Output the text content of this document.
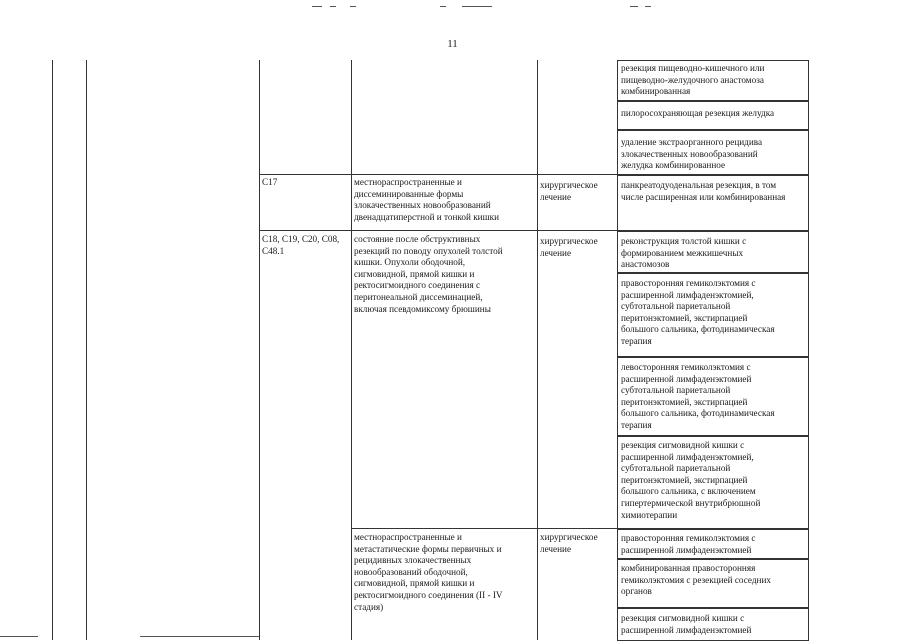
11
резекция пищеводно-кишечного или
пищеводно-желудочного анастомоза
комбинированная
пилоросохраняющая резекция желудка
удаление экстраорганного рецидива
злокачественных новообразований
желудка комбинированное
C17	местнораспространенные и
диссеминированные формы
злокачественных новообразований
двенадцатиперстной и тонкой кишки
хирургическое
лечение
панкреатодуоденальная резекция, в том
числе расширенная или комбинированная
C18, C19, C20, C08,
C48.1
состояние после обструктивных
резекций по поводу опухолей толстой
кишки. Опухоли ободочной,
сигмовидной, прямой кишки и
ректосигмоидного соединения с
перитонеальной диссеминацией,
включая псевдомиксому брюшины
хирургическое
лечение
реконструкция толстой кишки с
формированием межкишечных
анастомозов
правосторонняя гемиколэктомия с
расширенной лимфаденэктомией,
субтотальной париетальной
перитонэктомией, экстирпацией
большого сальника, фотодинамическая
терапия
левосторонняя гемиколэктомия с
расширенной лимфаденэктомией
субтотальной париетальной
перитонэктомией, экстирпацией
большого сальника, фотодинамическая
терапия
резекция сигмовидной кишки с
расширенной лимфаденэктомией,
субтотальной париетальной
перитонэктомией, экстирпацией
большого сальника, с включением
гипертермической внутрибрюшной
химиотерапии
местнораспространенные и
метастатические формы первичных и
рецидивных злокачественных
новообразований ободочной,
сигмовидной, прямой кишки и
ректосигмоидного соединения (II - IV
стадия)
хирургическое
лечение
правосторонняя гемиколэктомия с
расширенной лимфаденэктомией
комбинированная правосторонняя
гемиколэктомия с резекцией соседних
органов
резекция сигмовидной кишки с
расширенной лимфаденэктомией
